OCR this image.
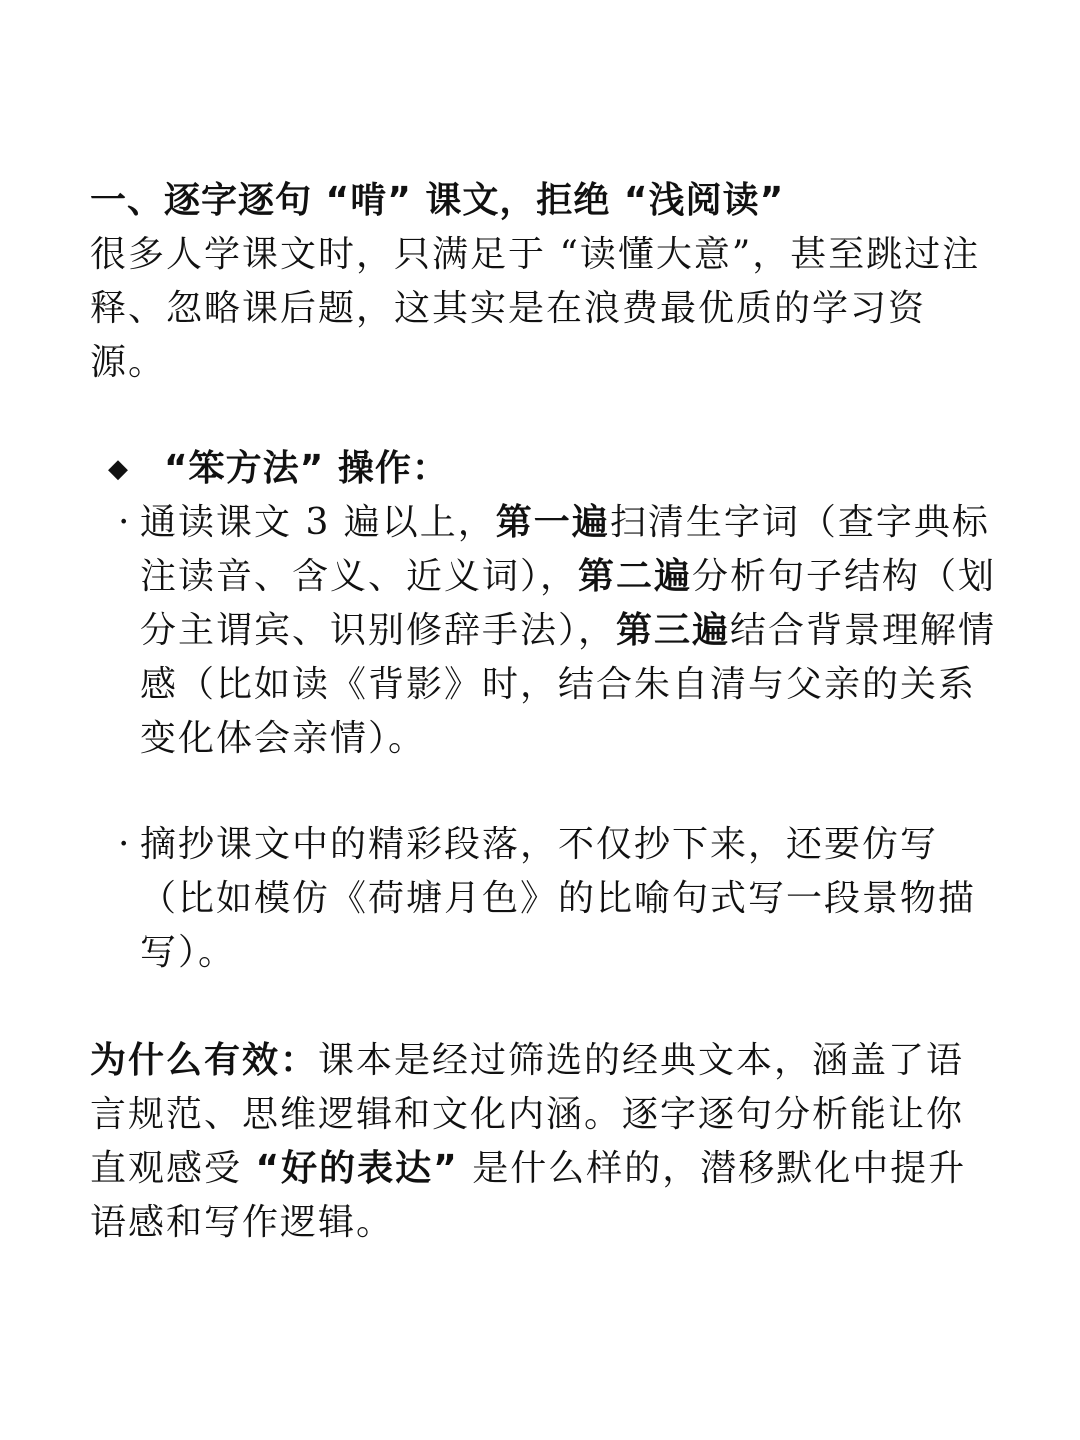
一、逐字逐句 “啃” 课文，拒绝 “浅阅读”
很多人学课文时，只满足于 “读懂大意”，甚至跳过注释、忽略课后题，这其实是在浪费最优质的学习资源。
◆ “笨方法” 操作：
· 通读课文 3 遍以上，第一遍扫清生字词（查字典标注读音、含义、近义词），第二遍分析句子结构（划分主谓宾、识别修辞手法），第三遍结合背景理解情感（比如读《背影》时，结合朱自清与父亲的关系变化体会亲情）。
· 摘抄课文中的精彩段落，不仅抄下来，还要仿写（比如模仿《荷塘月色》的比喻句式写一段景物描写）。
为什么有效：课本是经过筛选的经典文本，涵盖了语言规范、思维逻辑和文化内涵。逐字逐句分析能让你直观感受 “好的表达” 是什么样的，潜移默化中提升语感和写作逻辑。
